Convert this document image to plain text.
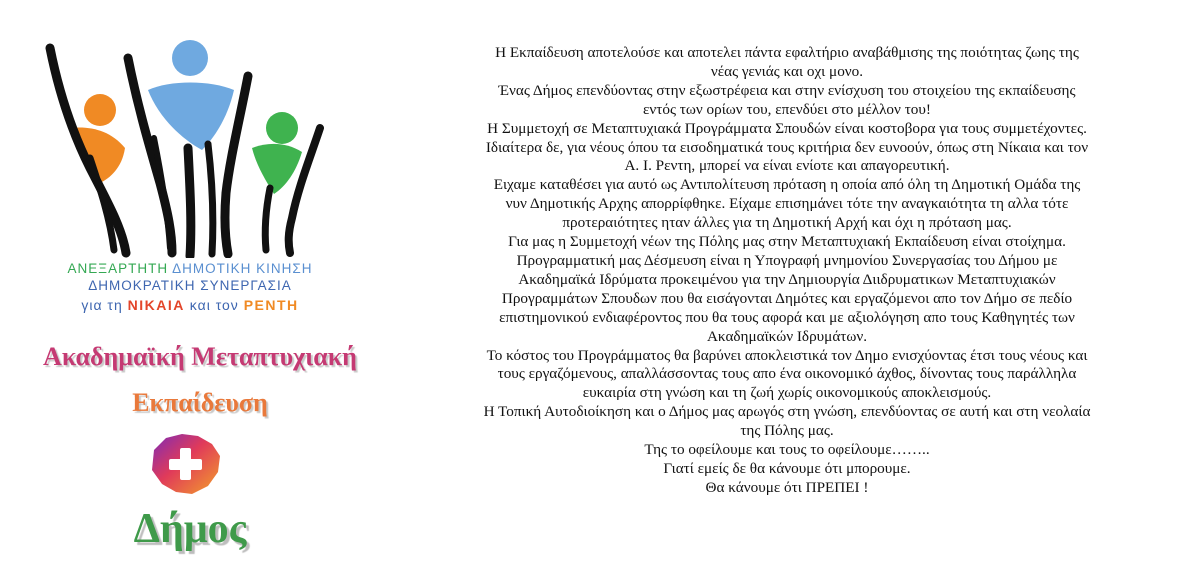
ΑΝΕΞΑΡΤΗΤΗ ΔΗΜΟΤΙΚΗ ΚΙΝΗΣΗ
ΔΗΜΟΚΡΑΤΙΚΗ ΣΥΝΕΡΓΑΣΙΑ
για τη ΝΙΚΑΙΑ και τον ΡΕΝΤΗ
Ακαδημαϊκή Μεταπτυχιακή
Εκπαίδευση
Δήμος
Η Εκπαίδευση αποτελούσε και αποτελει πάντα εφαλτήριο αναβάθμισης της ποιότητας ζωης της
νέας γενιάς και οχι μονο.
Ένας Δήμος επενδύοντας στην εξωστρέφεια και στην ενίσχυση του στοιχείου της εκπαίδευσης
εντός των ορίων του, επενδύει στο μέλλον του!
Η Συμμετοχή σε Μεταπτυχιακά Προγράμματα Σπουδών είναι κοστοβορα για τους συμμετέχοντες.
Ιδιαίτερα δε, για νέους όπου τα εισοδηματικά τους κριτήρια δεν ευνοούν, όπως στη Νίκαια και τον
Α. Ι. Ρεντη, μπορεί να είναι ενίοτε και απαγορευτική.
Ειχαμε καταθέσει για αυτό ως Αντιπολίτευση πρόταση η οποία από όλη τη Δημοτική Ομάδα της
νυν Δημοτικής Αρχης απορρίφθηκε. Είχαμε επισημάνει τότε την αναγκαιότητα τη αλλα τότε
προτεραιότητες ηταν άλλες για τη Δημοτική Αρχή και όχι η πρόταση μας.
Για μας η Συμμετοχή νέων της Πόλης μας στην Μεταπτυχιακή Εκπαίδευση είναι στοίχημα.
Προγραμματική μας Δέσμευση είναι η Υπογραφή μνημονίου Συνεργασίας του Δήμου με
Ακαδημαϊκά Ιδρύματα προκειμένου για την Δημιουργία Διιδρυματικων Μεταπτυχιακών
Προγραμμάτων Σπουδων που θα εισάγονται Δημότες και εργαζόμενοι απο τον Δήμο σε πεδίο
επιστημονικού ενδιαφέροντος που θα τους αφορά και με αξιολόγηση απο τους Καθηγητές των
Ακαδημαϊκών Ιδρυμάτων.
Το κόστος του Προγράμματος θα βαρύνει αποκλειστικά τον Δημο ενισχύοντας έτσι τους νέους και
τους εργαζόμενους, απαλλάσσοντας τους απο ένα οικονομικό άχθος, δίνοντας τους παράλληλα
ευκαιρία στη γνώση και τη ζωή χωρίς οικονομικούς αποκλεισμούς.
Η Τοπική Αυτοδιοίκηση και ο Δήμος μας αρωγός στη γνώση, επενδύοντας σε αυτή και στη νεολαία
της Πόλης μας.
Της το οφείλουμε και τους το οφείλουμε……..
Γιατί εμείς δε θα κάνουμε ότι μπορουμε.
Θα κάνουμε ότι ΠΡΕΠΕΙ !
